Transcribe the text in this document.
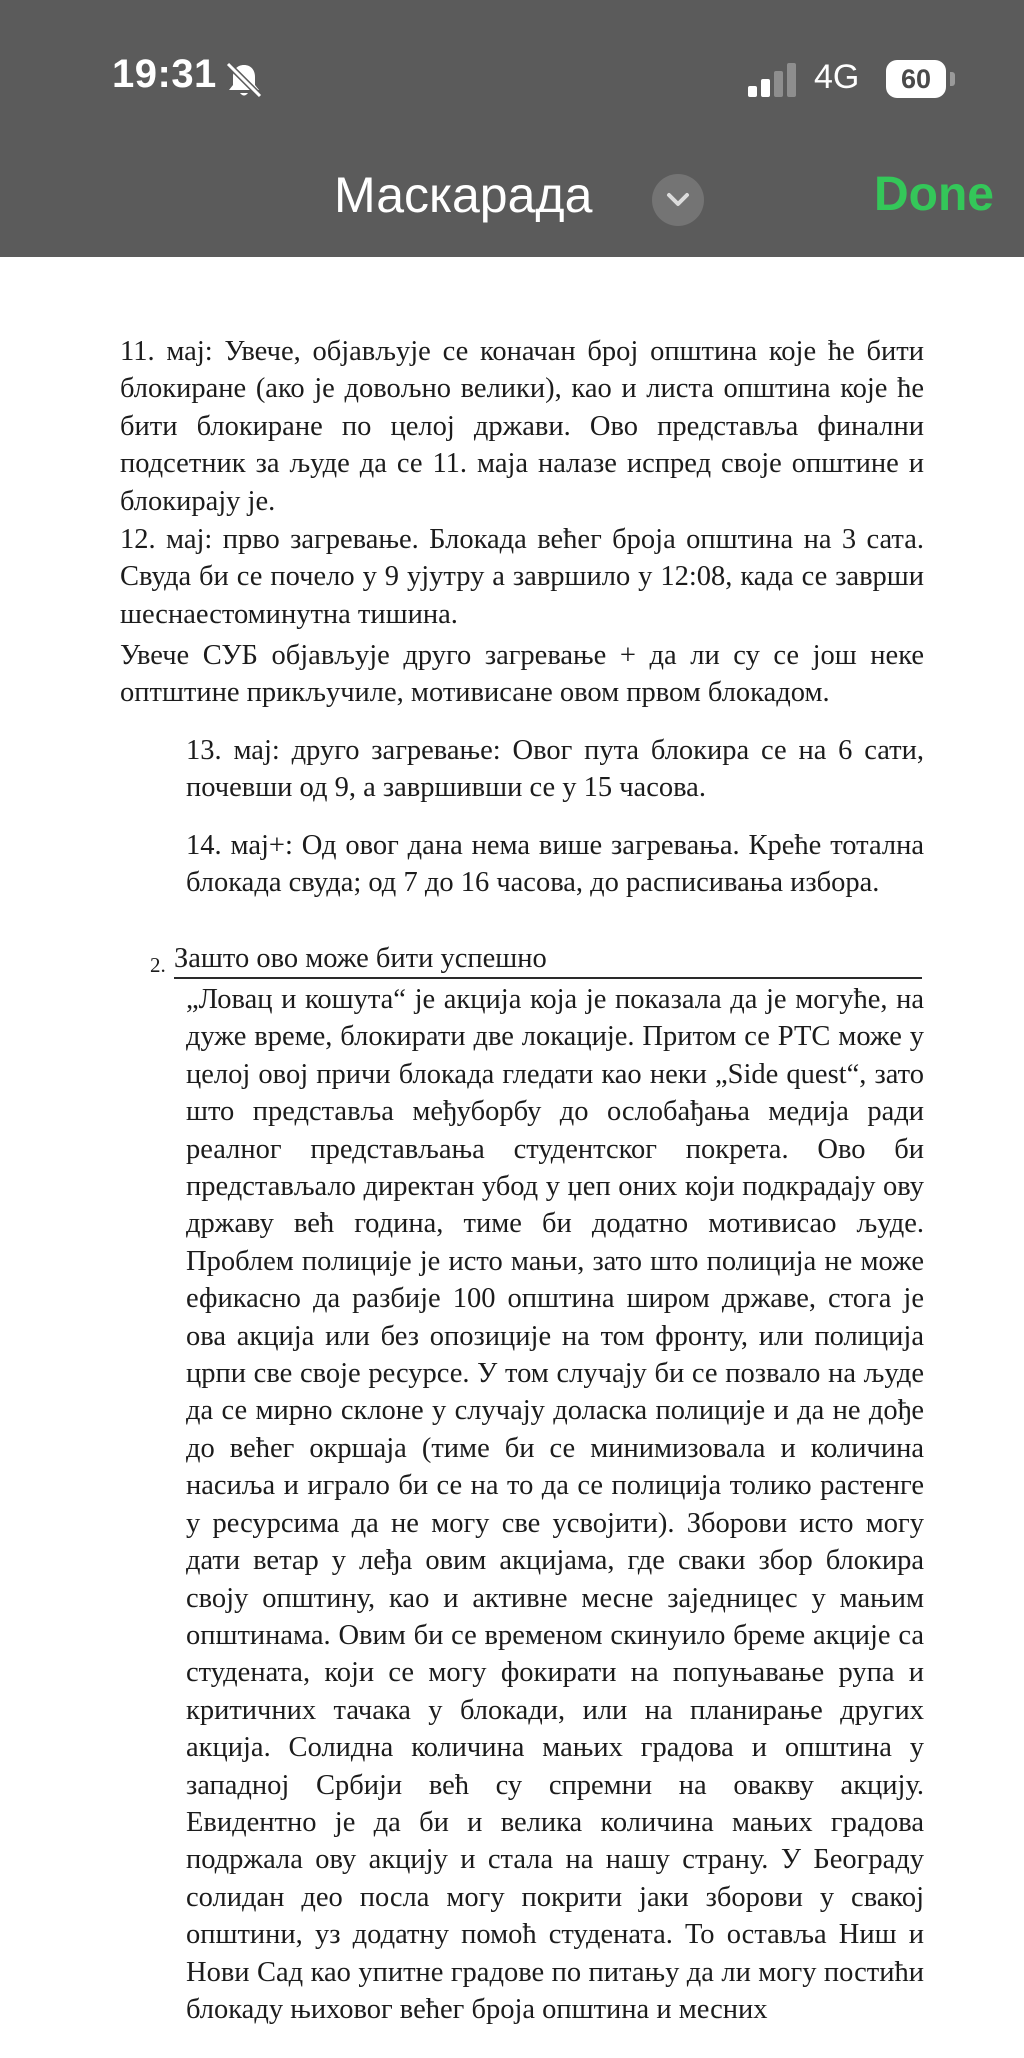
19:31	4G	60
Маскарада	Done

11. мај: Увече, објављује се коначан број општина које ће бити блокиране (ако је довољно велики), као и листа општина које ће бити блокиране по целој држави. Ово представља финални подсетник за људе да се 11. маја налазе испред своје општине и блокирају је.

12. мај: прво загревање. Блокада већег броја општина на 3 сата. Свуда би се почело у 9 ујутру а завршило у 12:08, када се заврши шеснаестоминутна тишина.

Увече СУБ објављује друго загревање + да ли су се још неке оптштине прикључиле, мотивисане овом првом блокадом.

13. мај: друго загревање: Овог пута блокира се на 6 сати, почевши од 9, а завршивши се у 15 часова.

14. мај+: Од овог дана нема више загревања. Креће тотална блокада свуда; од 7 до 16 часова, до расписивања избора.

2. Зашто ово може бити успешно

„Ловац и кошута“ је акција која је показала да је могуће, на дуже време, блокирати две локације. Притом се РТС може у целој овој причи блокада гледати као неки „Side quest“, зато што представља међуборбу до ослобађања медија ради реалног представљања студентског покрета. Ово би представљало директан убод у џеп оних који подкрадају ову државу већ година, тиме би додатно мотивисао људе. Проблем полиције је исто мањи, зато што полиција не може ефикасно да разбије 100 општина широм државе, стога је ова акција или без опозиције на том фронту, или полиција црпи све своје ресурсе. У том случају би се позвало на људе да се мирно склоне у случају доласка полиције и да не дође до већег окршаја (тиме би се минимизовала и количина насиља и играло би се на то да се полиција толико растенге у ресурсима да не могу све усвојити). Зборови исто могу дати ветар у леђа овим акцијама, где сваки збор блокира своју општину, као и активне месне заједницес у мањим општинама. Овим би се временом скинуило бреме акције са студената, који се могу фокирати на попуњавање рупа и критичних тачака у блокади, или на планирање других акција. Солидна количина мањих градова и општина у западној Србији већ су спремни на овакву акцију. Евидентно је да би и велика количина мањих градова подржала ову акцију и стала на нашу страну. У Београду солидан део посла могу покрити јаки зборови у свакој општини, уз додатну помоћ студената. То оставља Ниш и Нови Сад као упитне градове по питању да ли могу постићи блокаду њиховог већег броја општина и месних
